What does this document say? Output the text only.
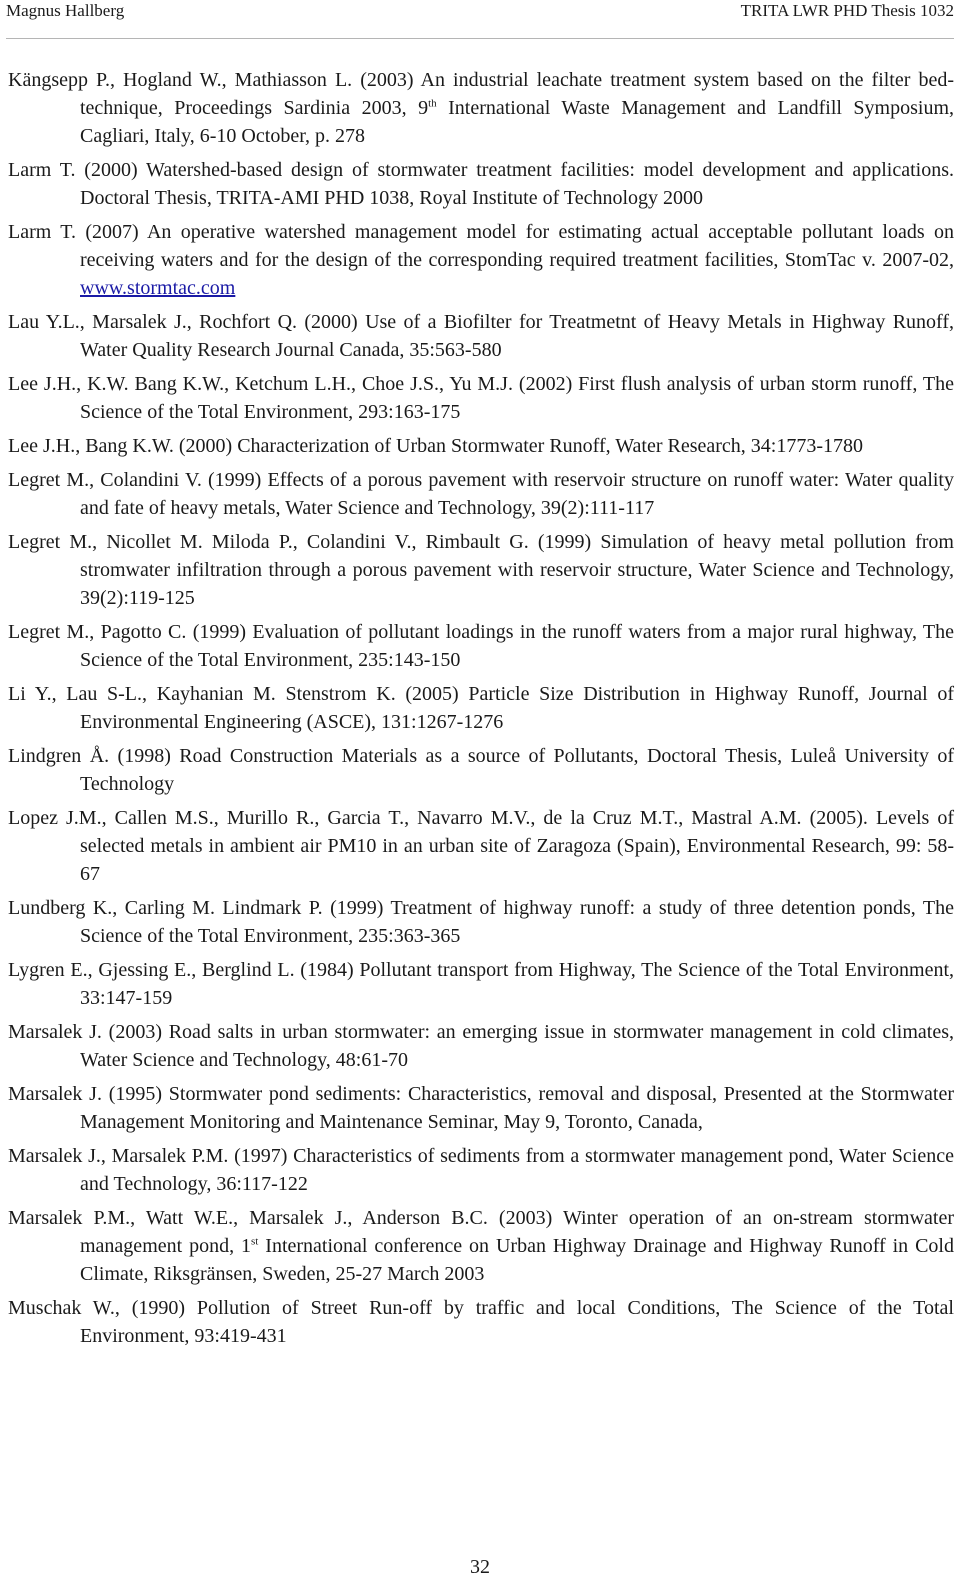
Magnus Hallberg	TRITA LWR PHD Thesis 1032

Kängsepp P., Hogland W., Mathiasson L. (2003) An industrial leachate treatment system based on the filter bed-technique, Proceedings Sardinia 2003, 9th International Waste Management and Landfill Symposium, Cagliari, Italy, 6-10 October, p. 278

Larm T. (2000) Watershed-based design of stormwater treatment facilities: model development and applications. Doctoral Thesis, TRITA-AMI PHD 1038, Royal Institute of Technology 2000

Larm T. (2007) An operative watershed management model for estimating actual acceptable pollutant loads on receiving waters and for the design of the corresponding required treatment facilities, StomTac v. 2007-02, www.stormtac.com

Lau Y.L., Marsalek J., Rochfort Q. (2000) Use of a Biofilter for Treatmetnt of Heavy Metals in Highway Runoff, Water Quality Research Journal Canada, 35:563-580

Lee J.H., K.W. Bang K.W., Ketchum L.H., Choe J.S., Yu M.J. (2002) First flush analysis of urban storm runoff, The Science of the Total Environment, 293:163-175

Lee J.H., Bang K.W. (2000) Characterization of Urban Stormwater Runoff, Water Research, 34:1773-1780

Legret M., Colandini V. (1999) Effects of a porous pavement with reservoir structure on runoff water: Water quality and fate of heavy metals, Water Science and Technology, 39(2):111-117

Legret M., Nicollet M. Miloda P., Colandini V., Rimbault G. (1999) Simulation of heavy metal pollution from stromwater infiltration through a porous pavement with reservoir structure, Water Science and Technology, 39(2):119-125

Legret M., Pagotto C. (1999) Evaluation of pollutant loadings in the runoff waters from a major rural highway, The Science of the Total Environment, 235:143-150

Li Y., Lau S-L., Kayhanian M. Stenstrom K. (2005) Particle Size Distribution in Highway Runoff, Journal of Environmental Engineering (ASCE), 131:1267-1276

Lindgren Å. (1998) Road Construction Materials as a source of Pollutants, Doctoral Thesis, Luleå University of Technology

Lopez J.M., Callen M.S., Murillo R., Garcia T., Navarro M.V., de la Cruz M.T., Mastral A.M. (2005). Levels of selected metals in ambient air PM10 in an urban site of Zaragoza (Spain), Environmental Research, 99: 58-67

Lundberg K., Carling M. Lindmark P. (1999) Treatment of highway runoff: a study of three detention ponds, The Science of the Total Environment, 235:363-365

Lygren E., Gjessing E., Berglind L. (1984) Pollutant transport from Highway, The Science of the Total Environment, 33:147-159

Marsalek J. (2003) Road salts in urban stormwater: an emerging issue in stormwater management in cold climates, Water Science and Technology, 48:61-70

Marsalek J. (1995) Stormwater pond sediments: Characteristics, removal and disposal, Presented at the Stormwater Management Monitoring and Maintenance Seminar, May 9, Toronto, Canada,

Marsalek J., Marsalek P.M. (1997) Characteristics of sediments from a stormwater management pond, Water Science and Technology, 36:117-122

Marsalek P.M., Watt W.E., Marsalek J., Anderson B.C. (2003) Winter operation of an on-stream stormwater management pond, 1st International conference on Urban Highway Drainage and Highway Runoff in Cold Climate, Riksgränsen, Sweden, 25-27 March 2003

Muschak W., (1990) Pollution of Street Run-off by traffic and local Conditions, The Science of the Total Environment, 93:419-431

32
